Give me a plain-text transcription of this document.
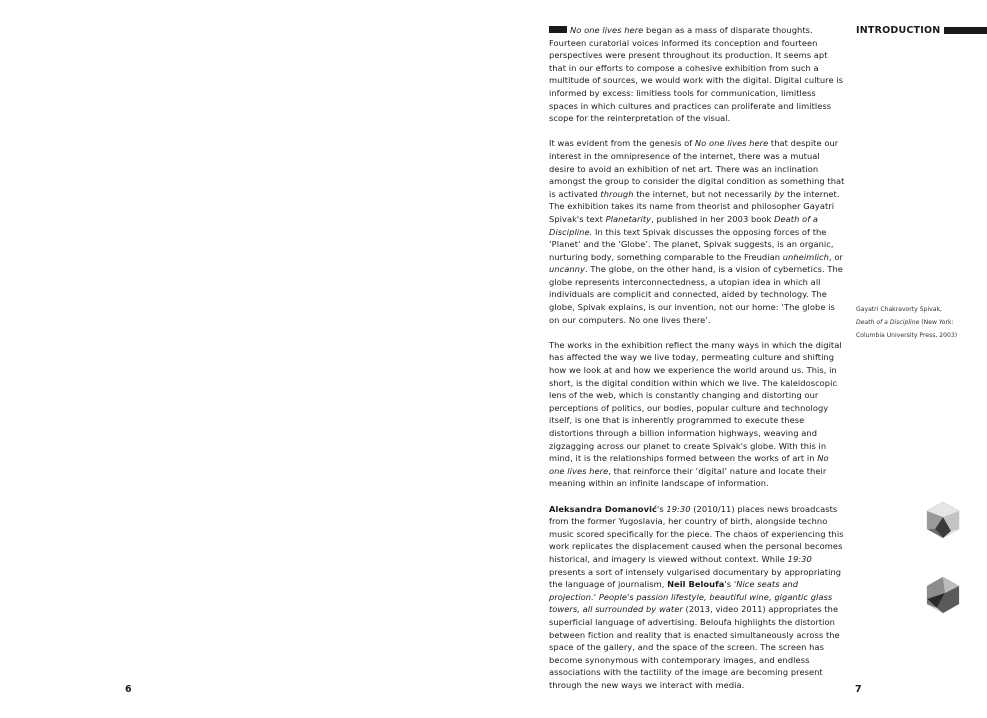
6	7
INTRODUCTION

No one lives here began as a mass of disparate thoughts. Fourteen curatorial voices informed its conception and fourteen perspectives were present throughout its production. It seems apt that in our efforts to compose a cohesive exhibition from such a multitude of sources, we would work with the digital. Digital culture is informed by excess: limitless tools for communication, limitless spaces in which cultures and practices can proliferate and limitless scope for the reinterpretation of the visual.

It was evident from the genesis of No one lives here that despite our interest in the omnipresence of the internet, there was a mutual desire to avoid an exhibition of net art. There was an inclination amongst the group to consider the digital condition as something that is activated through the internet, but not necessarily by the internet. The exhibition takes its name from theorist and philosopher Gayatri Spivak's text Planetarity, published in her 2003 book Death of a Discipline. In this text Spivak discusses the opposing forces of the ‘Planet’ and the ‘Globe’. The planet, Spivak suggests, is an organic, nurturing body, something comparable to the Freudian unheimlich, or uncanny. The globe, on the other hand, is a vision of cybernetics. The globe represents interconnectedness, a utopian idea in which all individuals are complicit and connected, aided by technology. The globe, Spivak explains, is our invention, not our home: ‘The globe is on our computers. No one lives there’.

The works in the exhibition reflect the many ways in which the digital has affected the way we live today, permeating culture and shifting how we look at and how we experience the world around us. This, in short, is the digital condition within which we live. The kaleidoscopic lens of the web, which is constantly changing and distorting our perceptions of politics, our bodies, popular culture and technology itself, is one that is inherently programmed to execute these distortions through a billion information highways, weaving and zigzagging across our planet to create Spivak's globe. With this in mind, it is the relationships formed between the works of art in No one lives here, that reinforce their ‘digital’ nature and locate their meaning within an infinite landscape of information.

Aleksandra Domanović's 19:30 (2010/11) places news broadcasts from the former Yugoslavia, her country of birth, alongside techno music scored specifically for the piece. The chaos of experiencing this work replicates the displacement caused when the personal becomes historical, and imagery is viewed without context. While 19:30 presents a sort of intensely vulgarised documentary by appropriating the language of journalism, Neil Beloufa's 'Nice seats and projection.' People's passion lifestyle, beautiful wine, gigantic glass towers, all surrounded by water (2013, video 2011) appropriates the superficial language of advertising. Beloufa highlights the distortion between fiction and reality that is enacted simultaneously across the space of the gallery, and the space of the screen. The screen has become synonymous with contemporary images, and endless associations with the tactility of the image are becoming present through the new ways we interact with media.

Gayatri Chakravorty Spivak,
Death of a Discipline (New York:
Columbia University Press, 2003)
